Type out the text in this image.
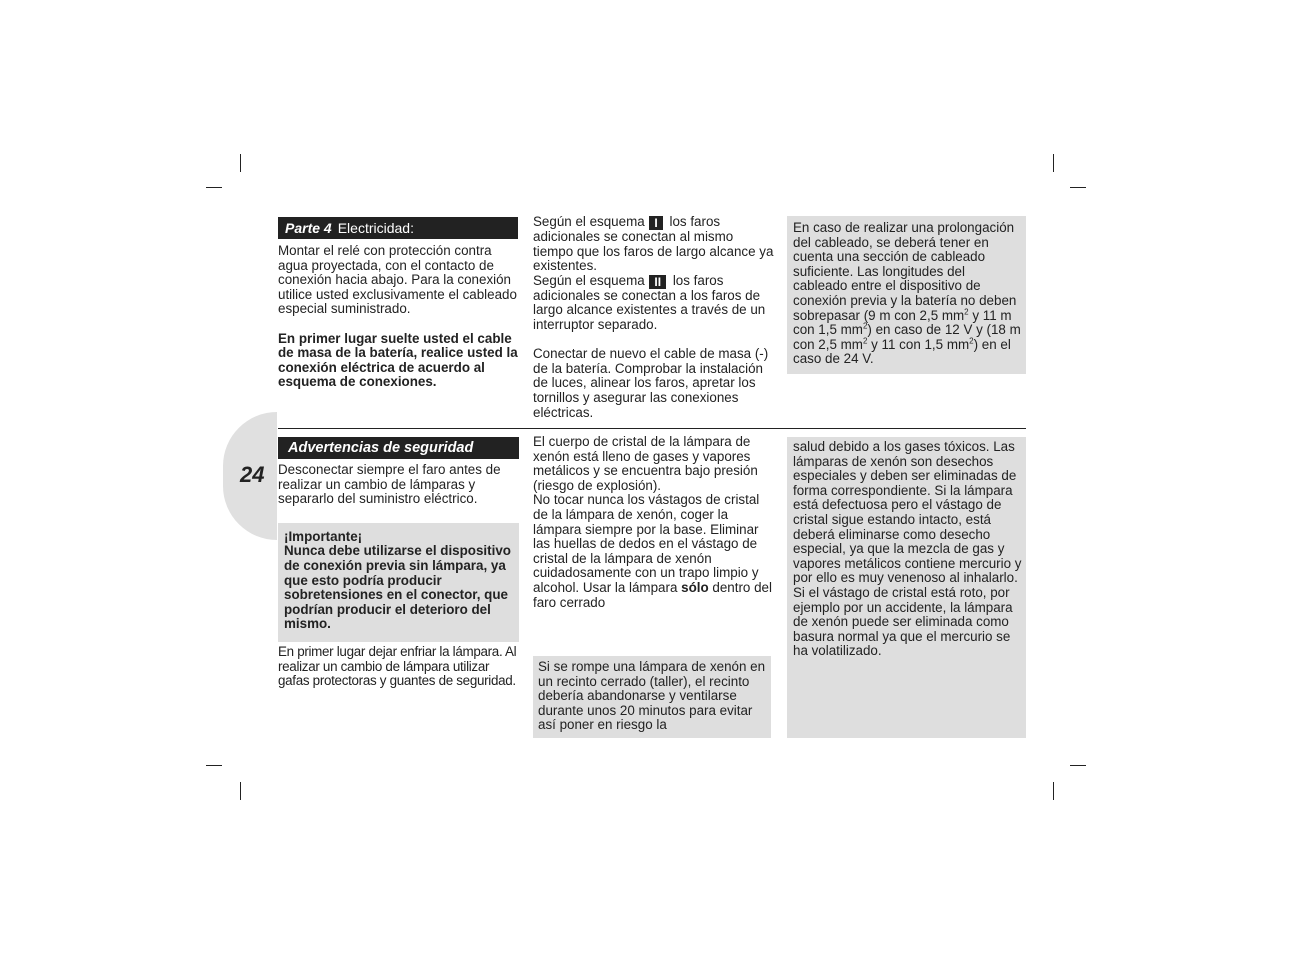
24
Parte 4 Electricidad:

Montar el relé con protección contra agua proyectada, con el contacto de conexión hacia abajo. Para la conexión utilice usted exclusivamente el cableado especial suministrado.

En primer lugar suelte usted el cable de masa de la batería, realice usted la conexión eléctrica de acuerdo al esquema de conexiones.

Según el esquema I los faros adicionales se conectan al mismo tiempo que los faros de largo alcance ya existentes.

Según el esquema II los faros adicionales se conectan a los faros de largo alcance existentes a través de un interruptor separado.

Conectar de nuevo el cable de masa (-) de la batería. Comprobar la instalación de luces, alinear los faros, apretar los tornillos y asegurar las conexiones eléctricas.

En caso de realizar una prolongación del cableado, se deberá tener en cuenta una sección de cableado suficiente. Las longitudes del cableado entre el dispositivo de conexión previa y la batería no deben sobrepasar (9 m con 2,5 $mm^2$ y 11 m con 1,5 $mm^2$) en caso de 12 V y (18 m con 2,5 $mm^2$ y 11 con 1,5 $mm^2$) en el caso de 24 V.

Advertencias de seguridad

Desconectar siempre el faro antes de realizar un cambio de lámparas y separarlo del suministro eléctrico.

¡Importante¡

Nunca debe utilizarse el dispositivo de conexión previa sin lámpara, ya que esto podría producir sobretensiones en el conector, que podrían producir el deterioro del mismo.

En primer lugar dejar enfriar la lámpara. Al realizar un cambio de lámpara utilizar gafas protectoras y guantes de seguridad.

El cuerpo de cristal de la lámpara de xenón está lleno de gases y vapores metálicos y se encuentra bajo presión (riesgo de explosión).

No tocar nunca los vástagos de cristal de la lámpara de xenón, coger la lámpara siempre por la base. Eliminar las huellas de dedos en el vástago de cristal de la lámpara de xenón cuidadosamente con un trapo limpio y alcohol. Usar la lámpara sólo dentro del faro cerrado

Si se rompe una lámpara de xenón en un recinto cerrado (taller), el recinto debería abandonarse y ventilarse durante unos 20 minutos para evitar así poner en riesgo la

salud debido a los gases tóxicos. Las lámparas de xenón son desechos especiales y deben ser eliminadas de forma correspondiente. Si la lámpara está defectuosa pero el vástago de cristal sigue estando intacto, está deberá eliminarse como desecho especial, ya que la mezcla de gas y vapores metálicos contiene mercurio y por ello es muy venenoso al inhalarlo. Si el vástago de cristal está roto, por ejemplo por un accidente, la lámpara de xenón puede ser eliminada como basura normal ya que el mercurio se ha volatilizado.
